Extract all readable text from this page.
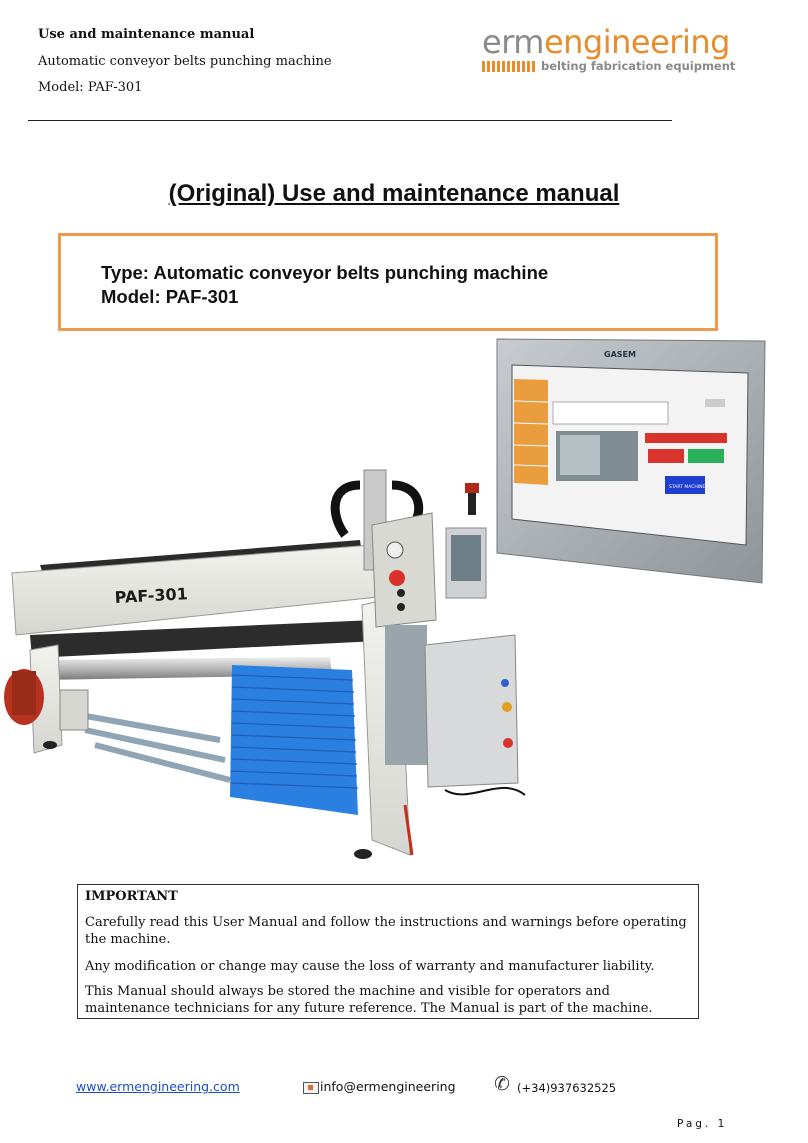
Use and maintenance manual
Automatic conveyor belts punching machine
Model: PAF-301
ermengineering
belting fabrication equipment
(Original) Use and maintenance manual
Type: Automatic conveyor belts punching machine
Model: PAF-301
GASEM
START MACHINE
PAF-301
IMPORTANT
Carefully read this User Manual and follow the instructions and warnings before operating the machine.
Any modification or change may cause the loss of warranty and manufacturer liability.
This Manual should always be stored the machine and visible for operators and maintenance technicians for any future reference. The Manual is part of the machine.
www.ermengineering.com	info@ermengineering ✆ (+34)937632525
Pag. 1
